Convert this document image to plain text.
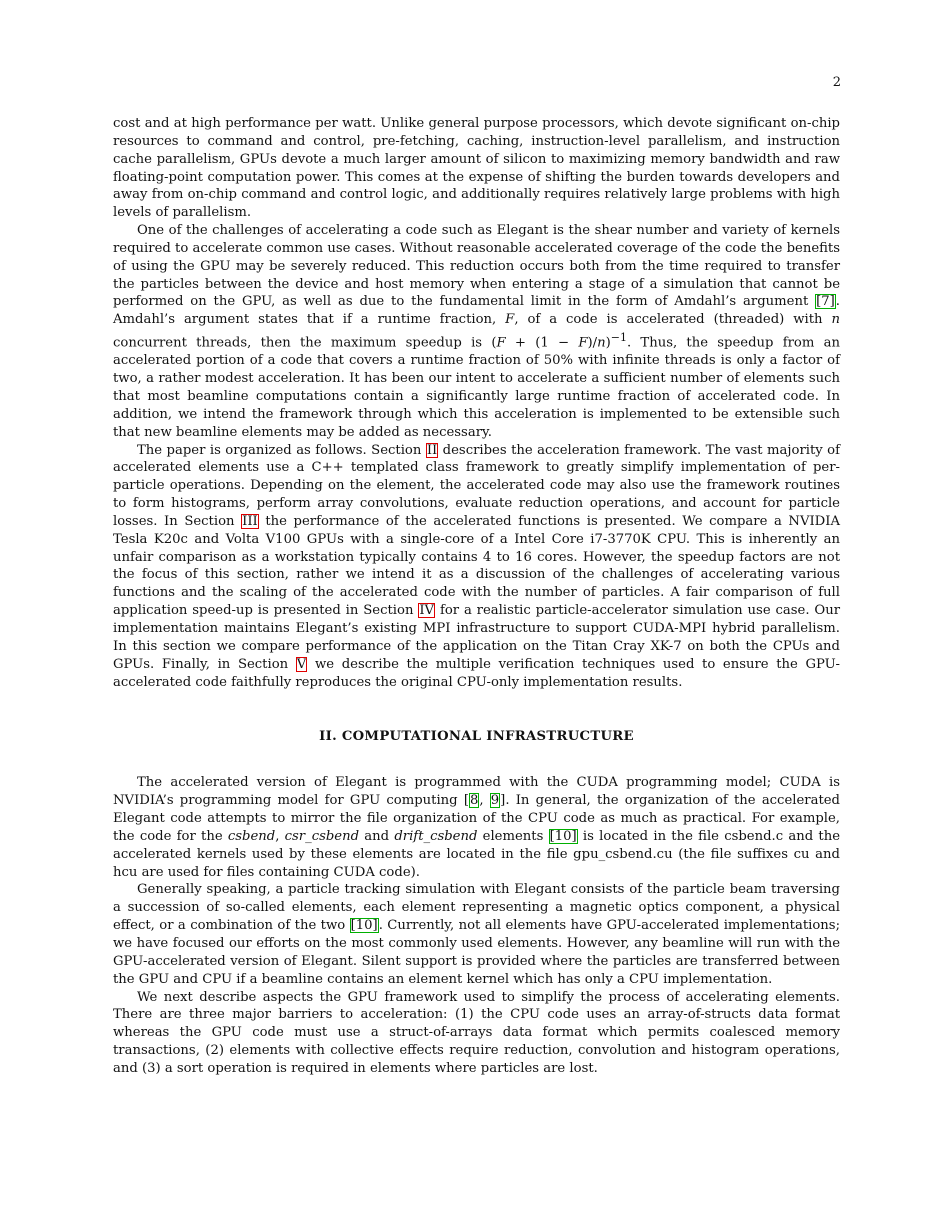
2

cost and at high performance per watt. Unlike general purpose processors, which devote significant on-chip resources to command and control, pre-fetching, caching, instruction-level parallelism, and instruction cache parallelism, GPUs devote a much larger amount of silicon to maximizing memory bandwidth and raw floating-point computation power. This comes at the expense of shifting the burden towards developers and away from on-chip command and control logic, and additionally requires relatively large problems with high levels of parallelism.

One of the challenges of accelerating a code such as Elegant is the shear number and variety of kernels required to accelerate common use cases. Without reasonable accelerated coverage of the code the benefits of using the GPU may be severely reduced. This reduction occurs both from the time required to transfer the particles between the device and host memory when entering a stage of a simulation that cannot be performed on the GPU, as well as due to the fundamental limit in the form of Amdahl’s argument [7]. Amdahl’s argument states that if a runtime fraction, F, of a code is accelerated (threaded) with n concurrent threads, then the maximum speedup is $(F + (1 - F)/n)^{-1}$. Thus, the speedup from an accelerated portion of a code that covers a runtime fraction of 50% with infinite threads is only a factor of two, a rather modest acceleration. It has been our intent to accelerate a sufficient number of elements such that most beamline computations contain a significantly large runtime fraction of accelerated code. In addition, we intend the framework through which this acceleration is implemented to be extensible such that new beamline elements may be added as necessary.

The paper is organized as follows. Section II describes the acceleration framework. The vast majority of accelerated elements use a C++ templated class framework to greatly simplify implementation of per-particle operations. Depending on the element, the accelerated code may also use the framework routines to form histograms, perform array convolutions, evaluate reduction operations, and account for particle losses. In Section III the performance of the accelerated functions is presented. We compare a NVIDIA Tesla K20c and Volta V100 GPUs with a single-core of a Intel Core i7-3770K CPU. This is inherently an unfair comparison as a workstation typically contains 4 to 16 cores. However, the speedup factors are not the focus of this section, rather we intend it as a discussion of the challenges of accelerating various functions and the scaling of the accelerated code with the number of particles. A fair comparison of full application speed-up is presented in Section IV for a realistic particle-accelerator simulation use case. Our implementation maintains Elegant’s existing MPI infrastructure to support CUDA-MPI hybrid parallelism. In this section we compare performance of the application on the Titan Cray XK-7 on both the CPUs and GPUs. Finally, in Section V we describe the multiple verification techniques used to ensure the GPU-accelerated code faithfully reproduces the original CPU-only implementation results.

II. COMPUTATIONAL INFRASTRUCTURE

The accelerated version of Elegant is programmed with the CUDA programming model; CUDA is NVIDIA’s programming model for GPU computing [8, 9]. In general, the organization of the accelerated Elegant code attempts to mirror the file organization of the CPU code as much as practical. For example, the code for the csbend, csr_csbend and drift_csbend elements [10] is located in the file csbend.c and the accelerated kernels used by these elements are located in the file gpu_csbend.cu (the file suffixes cu and hcu are used for files containing CUDA code).

Generally speaking, a particle tracking simulation with Elegant consists of the particle beam traversing a succession of so-called elements, each element representing a magnetic optics component, a physical effect, or a combination of the two [10]. Currently, not all elements have GPU-accelerated implementations; we have focused our efforts on the most commonly used elements. However, any beamline will run with the GPU-accelerated version of Elegant. Silent support is provided where the particles are transferred between the GPU and CPU if a beamline contains an element kernel which has only a CPU implementation.

We next describe aspects the GPU framework used to simplify the process of accelerating elements. There are three major barriers to acceleration: (1) the CPU code uses an array-of-structs data format whereas the GPU code must use a struct-of-arrays data format which permits coalesced memory transactions, (2) elements with collective effects require reduction, convolution and histogram operations, and (3) a sort operation is required in elements where particles are lost.
